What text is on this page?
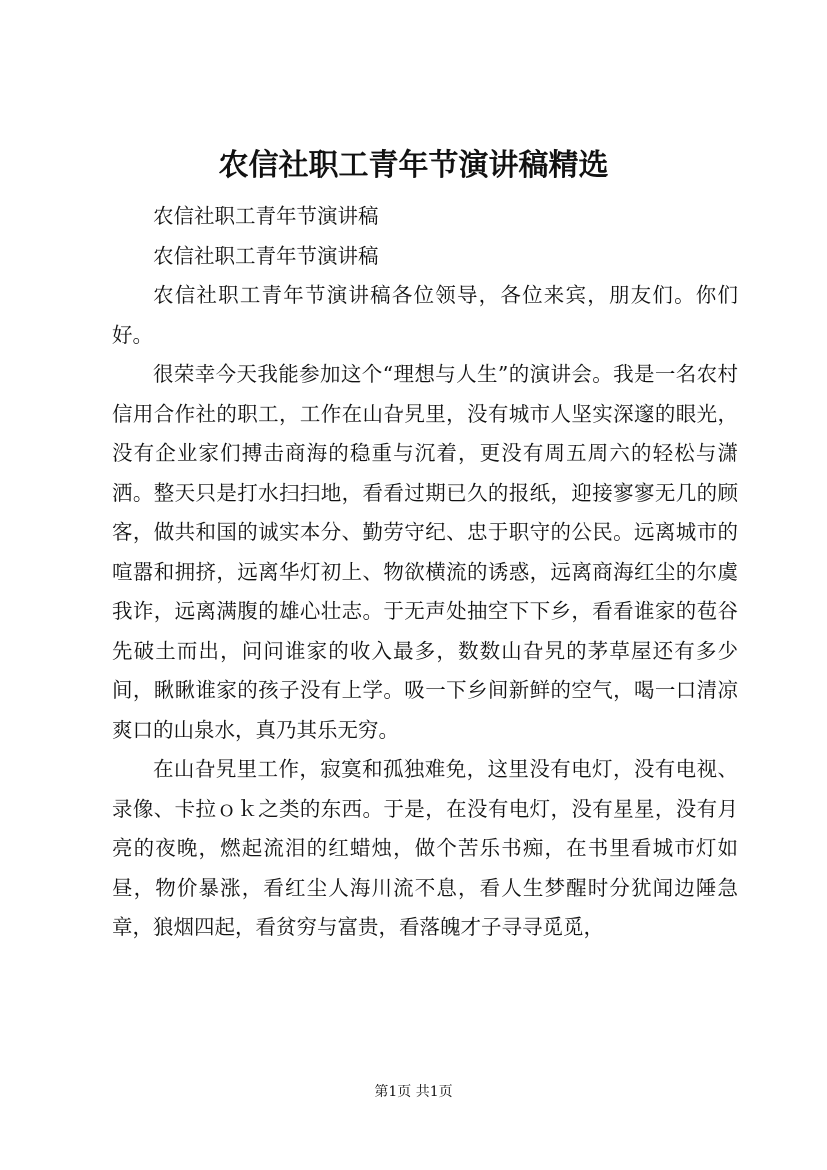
农信社职工青年节演讲稿精选

农信社职工青年节演讲稿

农信社职工青年节演讲稿

农信社职工青年节演讲稿各位领导，各位来宾，朋友们。你们好。

很荣幸今天我能参加这个“理想与人生”的演讲会。我是一名农村信用合作社的职工，工作在山旮旯里，没有城市人坚实深邃的眼光，没有企业家们搏击商海的稳重与沉着，更没有周五周六的轻松与潇洒。整天只是打水扫扫地，看看过期已久的报纸，迎接寥寥无几的顾客，做共和国的诚实本分、勤劳守纪、忠于职守的公民。远离城市的喧嚣和拥挤，远离华灯初上、物欲横流的诱惑，远离商海红尘的尔虞我诈，远离满腹的雄心壮志。于无声处抽空下下乡，看看谁家的苞谷先破土而出，问问谁家的收入最多，数数山旮旯的茅草屋还有多少间，瞅瞅谁家的孩子没有上学。吸一下乡间新鲜的空气，喝一口清凉爽口的山泉水，真乃其乐无穷。

在山旮旯里工作，寂寞和孤独难免，这里没有电灯，没有电视、录像、卡拉ｏｋ之类的东西。于是，在没有电灯，没有星星，没有月亮的夜晚，燃起流泪的红蜡烛，做个苦乐书痴，在书里看城市灯如昼，物价暴涨，看红尘人海川流不息，看人生梦醒时分犹闻边陲急章，狼烟四起，看贫穷与富贵，看落魄才子寻寻觅觅，

第1页 共1页
